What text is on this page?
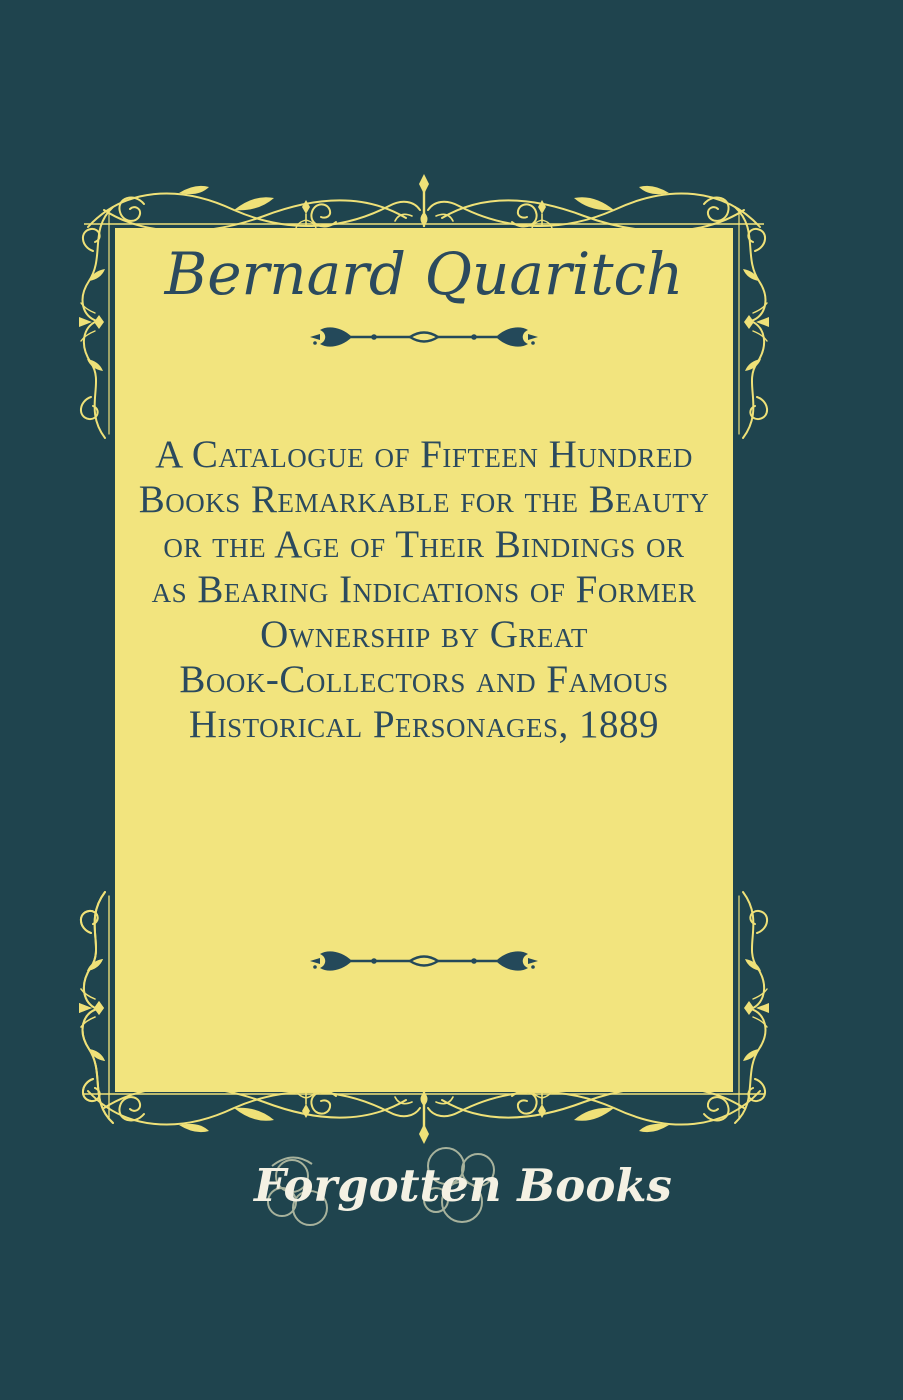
Bernard Quaritch
A Catalogue of Fifteen Hundred
Books Remarkable for the Beauty
or the Age of Their Bindings or
as Bearing Indications of Former
Ownership by Great
Book-Collectors and Famous
Historical Personages, 1889
Forgotten Books
